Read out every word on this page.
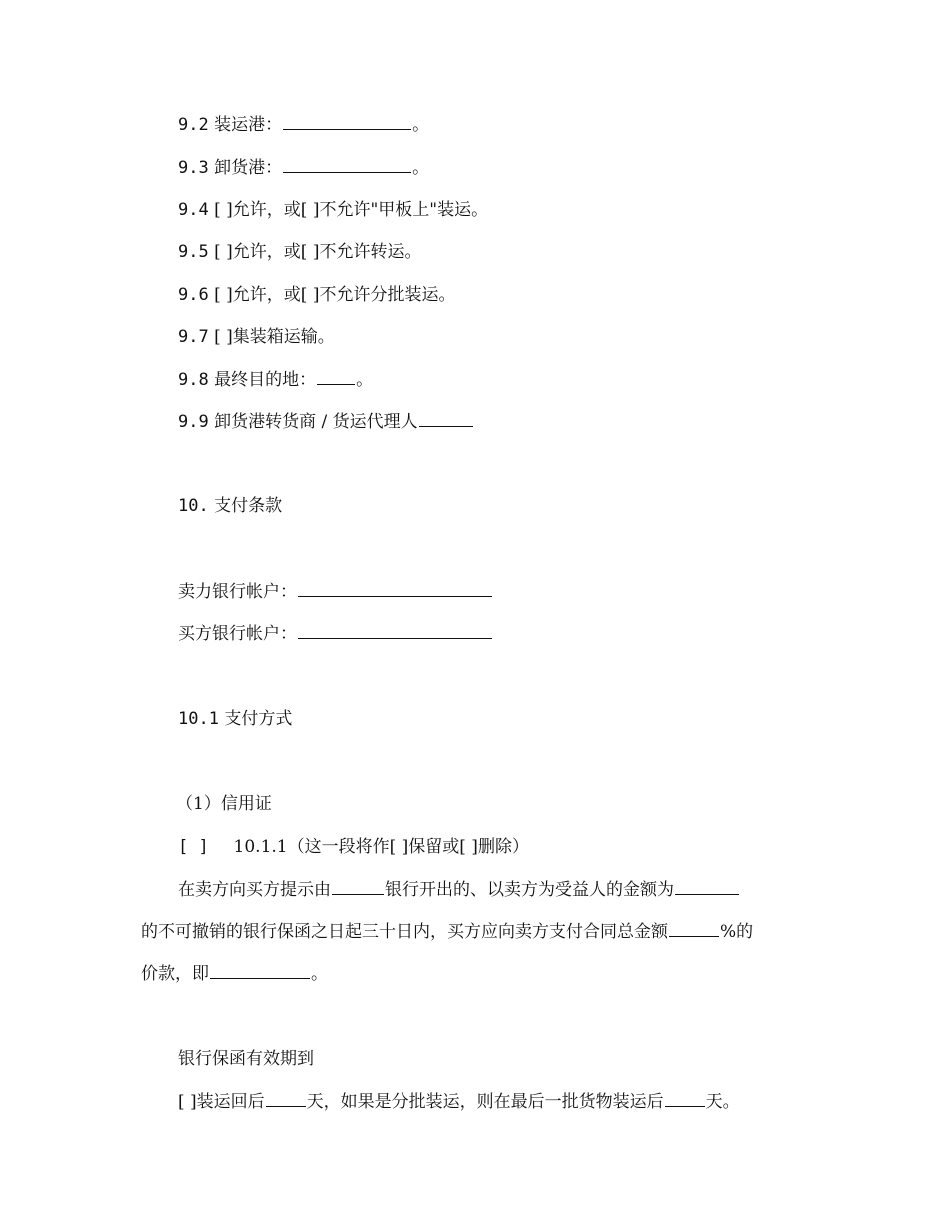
9.2 装运港：	。
9.3 卸货港：	。
9.4 [ ]允许，或[ ]不允许"甲板上"装运。
9.5 [ ]允许，或[ ]不允许转运。
9.6 [ ]允许，或[ ]不允许分批装运。
9.7 [ ]集装箱运输。
9.8 最终目的地： 。
9.9 卸货港转货商 / 货运代理人
10. 支付条款
卖力银行帐户：
买方银行帐户：
10.1 支付方式
（1）信用证
[ ] 10.1.1（这一段将作[ ]保留或[ ]删除）
在卖方向买方提示由	银行开出的、以卖方为受益人的金额为
的不可撤销的银行保函之日起三十日内，买方应向卖方支付合同总金额	%的
价款，即	。
银行保函有效期到
[ ]装运回后 天，如果是分批装运，则在最后一批货物装运后 天。
